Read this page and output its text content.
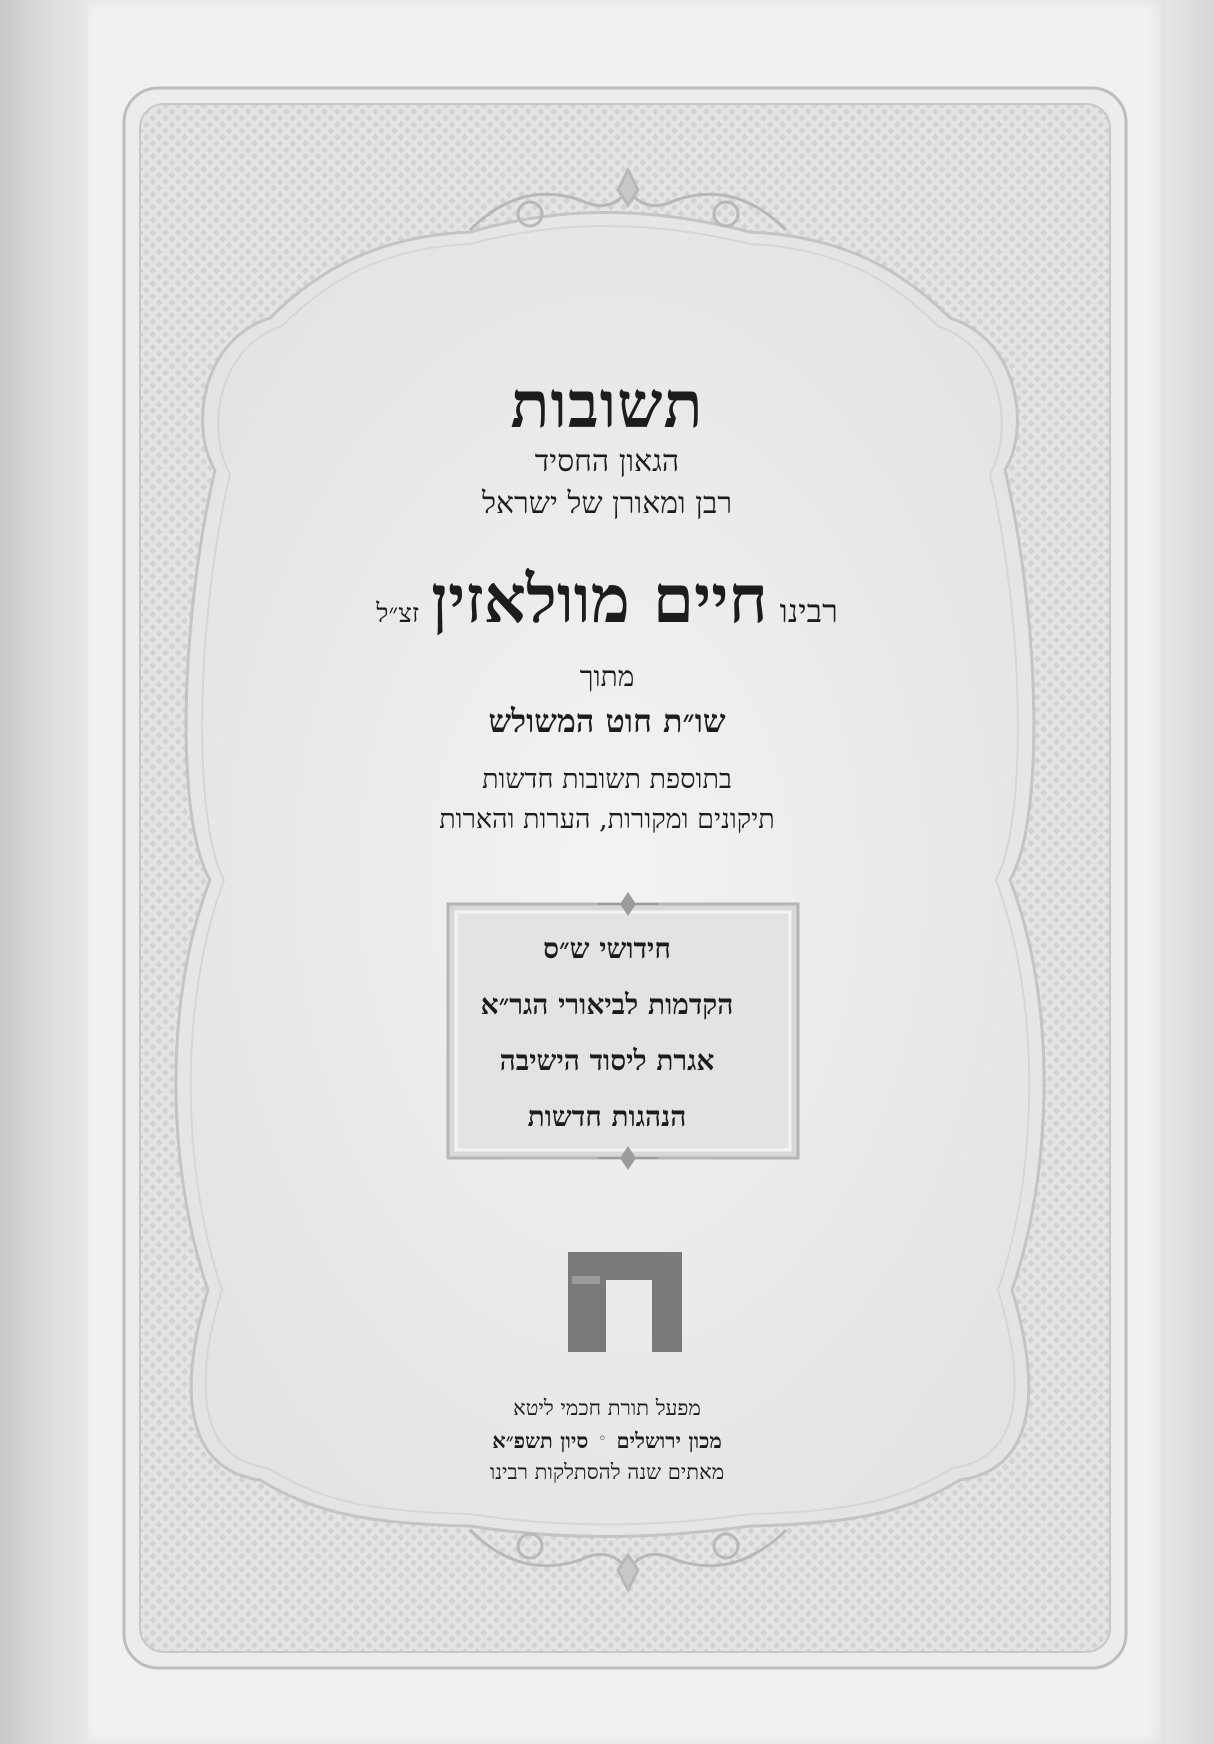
תשובות
הגאון החסיד
רבן ומאורן של ישראל
רבינו
חיים מוולאזין
זצ״ל
מתוך
שו״ת חוט המשולש
בתוספת תשובות חדשות
תיקונים ומקורות, הערות והארות
חידושי ש״ס
הקדמות לביאורי הגר״א
אגרת ליסוד הישיבה
הנהגות חדשות
מפעל תורת חכמי ליטא
מכון ירושלים
◦
סיון תשפ״א
מאתים שנה להסתלקות רבינו
